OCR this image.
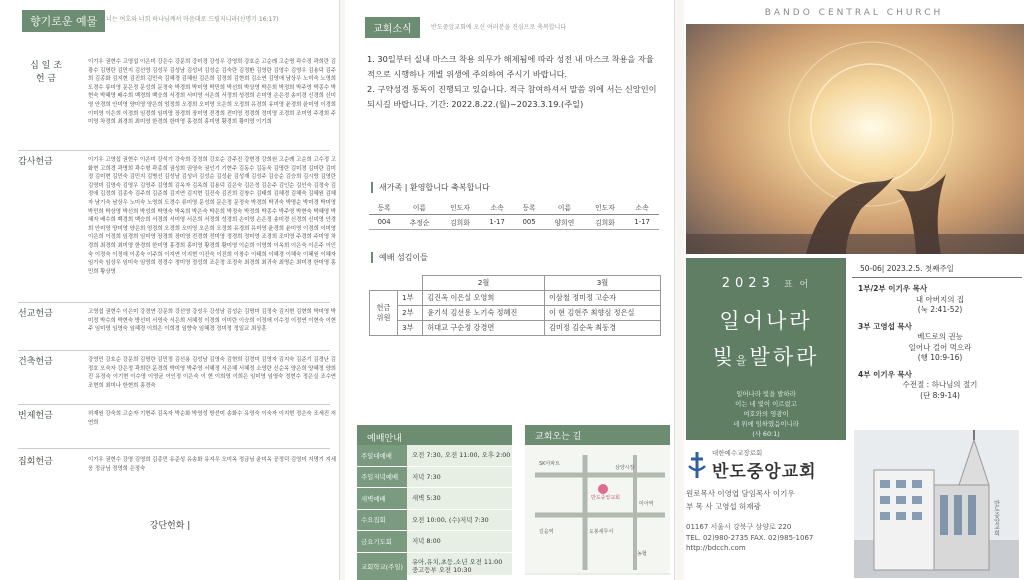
향기로운 예물	너는 여호와 너희 하나님께서 마음대로 드릴지니라(신명기 16:17)
십 일 조
헌 금
이기우 권현수 고영섭 이은미 강은수 강문희 강미경 강성우 강영희 강호순 고순례 고순명 곽수정 곽희란 김광수 김명란 김민지 김선영 김성무 김성남 김성녀 김성순 김숙란 김정환 김영란 김영수 김영우 김용덕 김주희 김종화 김지현 김진희 김민숙 김혜경 김혜원 김은희 김정희 김현희 김소연 김영애 남상우 노미숙 노영희 도경수 류미영 문은정 문성희 문정숙 박경희 박미영 박민희 박선희 박상영 박은희 박정희 박주영 박종수 박현숙 박혜영 배수희 백경희 백승희 서경희 서미영 서은희 서정희 성경희 손미영 손은정 송미경 신경희 신미영 안경희 안미영 양미영 양은희 엄정희 오경희 오미영 오은희 오정희 유경희 유미영 윤경희 윤미영 이경희 이미영 이은희 이정희 임경희 임미영 장경희 장미영 전경희 전미영 정경희 정미영 조경희 조미영 주경희 주미영 차경희 최경희 최미영 한경희 한미영 홍경희 홍미영 황경희 황미영 이기희
감사헌금	이기우 고영섭 권현수 이은미 강석기 강숙희 강정희 강호순 강주진 강현경 강희원 고순례 고순희 고수정 고화현 고희경 곽명희 곽수형 곽종희 권성희 권영숙 권인기 기현주 김동수 김동욱 김명란 김미경 김미란 김미정 김미현 김민숙 김민지 김병선 김성남 김성녀 김성순 김성윤 김성재 김성주 김승순 김승희 김시랑 김영란 김영미 김영숙 김영우 김영주 김영희 김옥자 김옥희 김용덕 김은숙 김은정 김은주 김인순 김인숙 김정숙 김정애 김정희 김종숙 김주희 김준희 김지연 김지현 김진숙 김진희 김창수 김태희 김혜경 김혜숙 김혜원 김혜자 남기숙 남상우 노미숙 노영희 도경수 류미영 문성희 문은정 문정숙 박경희 박귀숙 박명순 박미경 박미영 박민희 박상영 박선희 박성희 박영숙 박옥희 박은숙 박은희 박정숙 박정희 박종수 박주영 박현숙 박혜영 박혜자 배수희 백경희 백승희 서경희 서미영 서은희 서정희 성경희 손미영 손은정 송미경 신경희 신미영 안경희 안미영 양미영 양은희 엄정희 오경희 오미영 오은희 오정희 유경희 유미영 윤경희 윤미영 이경희 이미영 이은희 이정희 임경희 임미영 장경희 장미영 전경희 전미영 정경희 정미영 조경희 조미영 주경희 주미영 차경희 최경희 최미영 한경희 한미영 홍경희 홍미영 황경희 황미영 이순희 이영희 이옥희 이은숙 이은주 이인숙 이정숙 이정애 이종숙 이주희 이지연 이지현 이진숙 이진희 이창수 이태희 이혜경 이혜숙 이혜원 이혜자 임기숙 임상우 임미숙 임영희 정경수 정미영 정성희 조은정 조정숙 최경희 최귀숙 최명순 최미경 한미영 홍민희 황상영
선교헌금	고영섭 권현수 이은미 강경연 강문희 강선영 강성우 강성남 김성순 김명미 김정숙 김지현 김현희 박미영 박미정 박수희 박현숙 방선미 서영숙 서은희 서혜정 이경희 이미란 이승희 이정애 이수정 이정연 이현숙 이현주 임미영 임영숙 임혜경 이희은 이희경 임향숙 임혜경 정미정 정일교 최상훈
건축헌금	강영민 강호순 강문희 김명란 김민정 김선용 김성남 김영숙 김현희 김경미 김영자 김지숙 김준기 김경난 김정호 오숙자 강은정 곽희란 문경희 박미영 박주영 서혜정 서은혜 서혜정 소영란 신순옥 양은희 양혜정 양희진 유정숙 이기현 이수영 이영균 이인정 이은숙 이 현 이희영 이희은 임미영 임영숙 정현수 정은실 조수연 조현희 최미나 한현희 홍경숙
번제헌금	허재원 강숙희 고순자 기현주 김옥자 박순화 박영성 방선미 송화수 유영숙 이숙자 이지현 정은숙 조세진 저연희
집회헌금	이기우 권현수 강영 김영희 김종민 유준성 유송화 유지우 오미옥 정금님 윤미옥 공정덕 김영미 지명기 지세웅 정금님 정영희 은정숙
강단헌화 |
교회소식	반도중앙교회에 오신 여러분을 진심으로 축복합니다
1. 30일부터 실내 마스크 착용 의무가 해제됨에 따라 성전 내 마스크 착용을 자율적으로 시행하나 개별 위생에 주의하여 주시기 바랍니다.
2. 구약성경 통독이 진행되고 있습니다. 적극 참여하셔서 말씀 위에 서는 신앙인이 되시길 바랍니다. 기간: 2022.8.22.(월)~2023.3.19.(주일)
새가족 | 환영합니다 축복합니다
등록	이름	인도자	소속	등록	이름	인도자	소속
004	추정순	김희화	1-17	005	양희연	김희화	1-17
예배 섬김이들
		2월	3월
헌금
위원	1부	김진옥 이은실 오영희	이삼철 정미정 고순자
	2부	윤기석 김선용 노기숙 정혜진	이 현 김현주 최향심 정은실
	3부	허대교 구순정 강경면	김미정 김순옥 최동경
예배안내
주일대예배	오전 7:30, 오전 11:00, 오후 2:00
주일저녁예배	저녁 7:30
새벽예배	새벽 5:30
수요집회	오전 10:00, (수)저녁 7:30
금요기도회	저녁 8:00
교회학교(주일)
유아,유치,초등,소년 오전 11:00
중고등부 오전 10:30
교회오는 길
SK아파트
반도중앙교회
삼양시장
미아역
길음역	도봉세무서
농협
BANDO CENTRAL CHURCH
2023 표 어
일어나라
빛을발하라
일어나라 빛을 발하라
이는 네 빛이 이르렀고
여호와의 영광이
네 위에 임하였음이니라
(사 60:1)
50-06| 2023.2.5. 첫째주일
1부/2부 이기우 목사
내 아버지의 집
(눅 2:41-52)
3부 고영섭 목사
베드로의 권능
일어나 걸어 먹으라
(행 10:9-16)
4부 이기우 목사
수전절 : 하나님의 절기
(단 8:9-14)
대한예수교장로회
반도중앙교회
원로목사 이영엽 담임목사 이기우
부 목 사 고영섭 허재광
01167 서울시 강북구 삼양로 220
TEL. 02)980-2735 FAX. 02)985-1067
http://bdcch.com
반도중앙교회
